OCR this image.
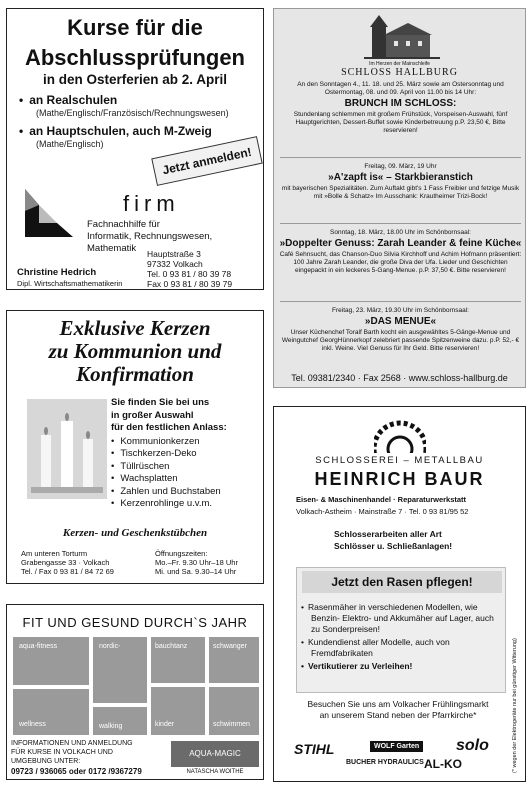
Kurse für die
Abschlussprüfungen
in den Osterferien ab 2. April
• an Realschulen
(Mathe/Englisch/Französisch/Rechnungswesen)
• an Hauptschulen, auch M-Zweig
(Mathe/Englisch)
Jetzt anmelden!
firm
Fachnachhilfe für
Informatik, Rechnungswesen, Mathematik	Hauptstraße 3
97332 Volkach
Tel. 0 93 81 / 80 39 78
Fax 0 93 81 / 80 39 79
Christine Hedrich
Dipl. Wirtschaftsmathematikerin
Im Herzen der Mainschleife
SCHLOSS HALLBURG
An den Sonntagen 4., 11. 18. und 25. März sowie am Ostersonntag und Ostermontag, 08. und 09. April von 11.00 bis 14 Uhr:
BRUNCH IM SCHLOSS:
Stundenlang schlemmen mit großem Frühstück, Vorspeisen-Auswahl, fünf Hauptgerichten, Dessert-Buffet sowie Kinderbetreuung p.P. 23,50 €, Bitte reservieren!
Freitag, 09. März, 19 Uhr
»A'zapft is« – Starkbieranstich
mit bayerischen Spezialitäten. Zum Auftakt gibt's 1 Fass Freibier und fetzige Musik mit »Bolle & Schatz« Im Ausschank: Krautheimer Trizi-Bock!
Sonntag, 18. März, 18.00 Uhr im Schönbornsaal:
»Doppelter Genuss: Zarah Leander & feine Küche«
Café Sehnsucht, das Chanson-Duo Silvia Kirchhoff und Achim Hofmann präsentiert: 100 Jahre Zarah Leander, die große Diva der Ufa. Lieder und Geschichten eingepackt in ein leckeres 5-Gang-Menue. p.P. 37,50 €. Bitte reservieren!
Freitag, 23. März, 19.30 Uhr im Schönbornsaal:
»DAS MENUE«
Unser Küchenchef Toralf Barth kocht ein ausgewähltes 5-Gänge-Menue und Weingutchef GeorgHünnerkopf zelebriert passende Spitzenweine dazu. p.P. 52,- € inkl. Weine. Viel Genuss für Ihr Geld. Bitte reservieren!
Tel. 09381/2340 · Fax 2568 · www.schloss-hallburg.de
Exklusive Kerzen
zu Kommunion und
Konfirmation
Sie finden Sie bei uns
in großer Auswahl
für den festlichen Anlass:
• Kommunionkerzen
• Tischkerzen-Deko
• Tüllrüschen
• Wachsplatten
• Zahlen und Buchstaben
• Kerzenrohlinge u.v.m.
Kerzen- und Geschenkstübchen
Am unteren Torturm
Grabengasse 33 · Volkach
Tel. / Fax 0 93 81 / 84 72 69
Öffnungszeiten:
Mo.–Fr. 9.30 Uhr–18 Uhr
Mi. und Sa. 9.30–14 Uhr
FIT UND GESUND DURCH`S JAHR
aqua-fitness	nordic-	bauchtanz	schwanger
wellness	walking	kinder	schwimmen
INFORMATIONEN UND ANMELDUNG
FÜR KURSE IN VOLKACH UND
UMGEBUNG UNTER:
09723 / 936065 oder 0172 /9367279
AQUA-MAGIC
NATASCHA WOITHE
SCHLOSSEREI – METALLBAU
HEINRICH BAUR
Eisen- & Maschinenhandel · Reparaturwerkstatt
Volkach-Astheim · Mainstraße 7 · Tel. 0 93 81/95 52
Schlosserarbeiten aller Art
Schlösser u. Schließanlagen!
• Rasenmäher in verschiedenen Modellen, wie Benzin- Elektro- und Akkumäher auf Lager, auch zu Sonderpreisen!
• Kundendienst aller Modelle, auch von Fremdfabrikaten
• Vertikutierer zu Verleihen!
Jetzt den Rasen pflegen!
Besuchen Sie uns am Volkacher Frühlingsmarkt
an unserem Stand neben der Pfarrkirche*	(* wegen der Elektrogeräte nur bei günstiger Witterung)
STIHL	WOLF Garten solo
BUCHER HYDRAULICS AL-KO
